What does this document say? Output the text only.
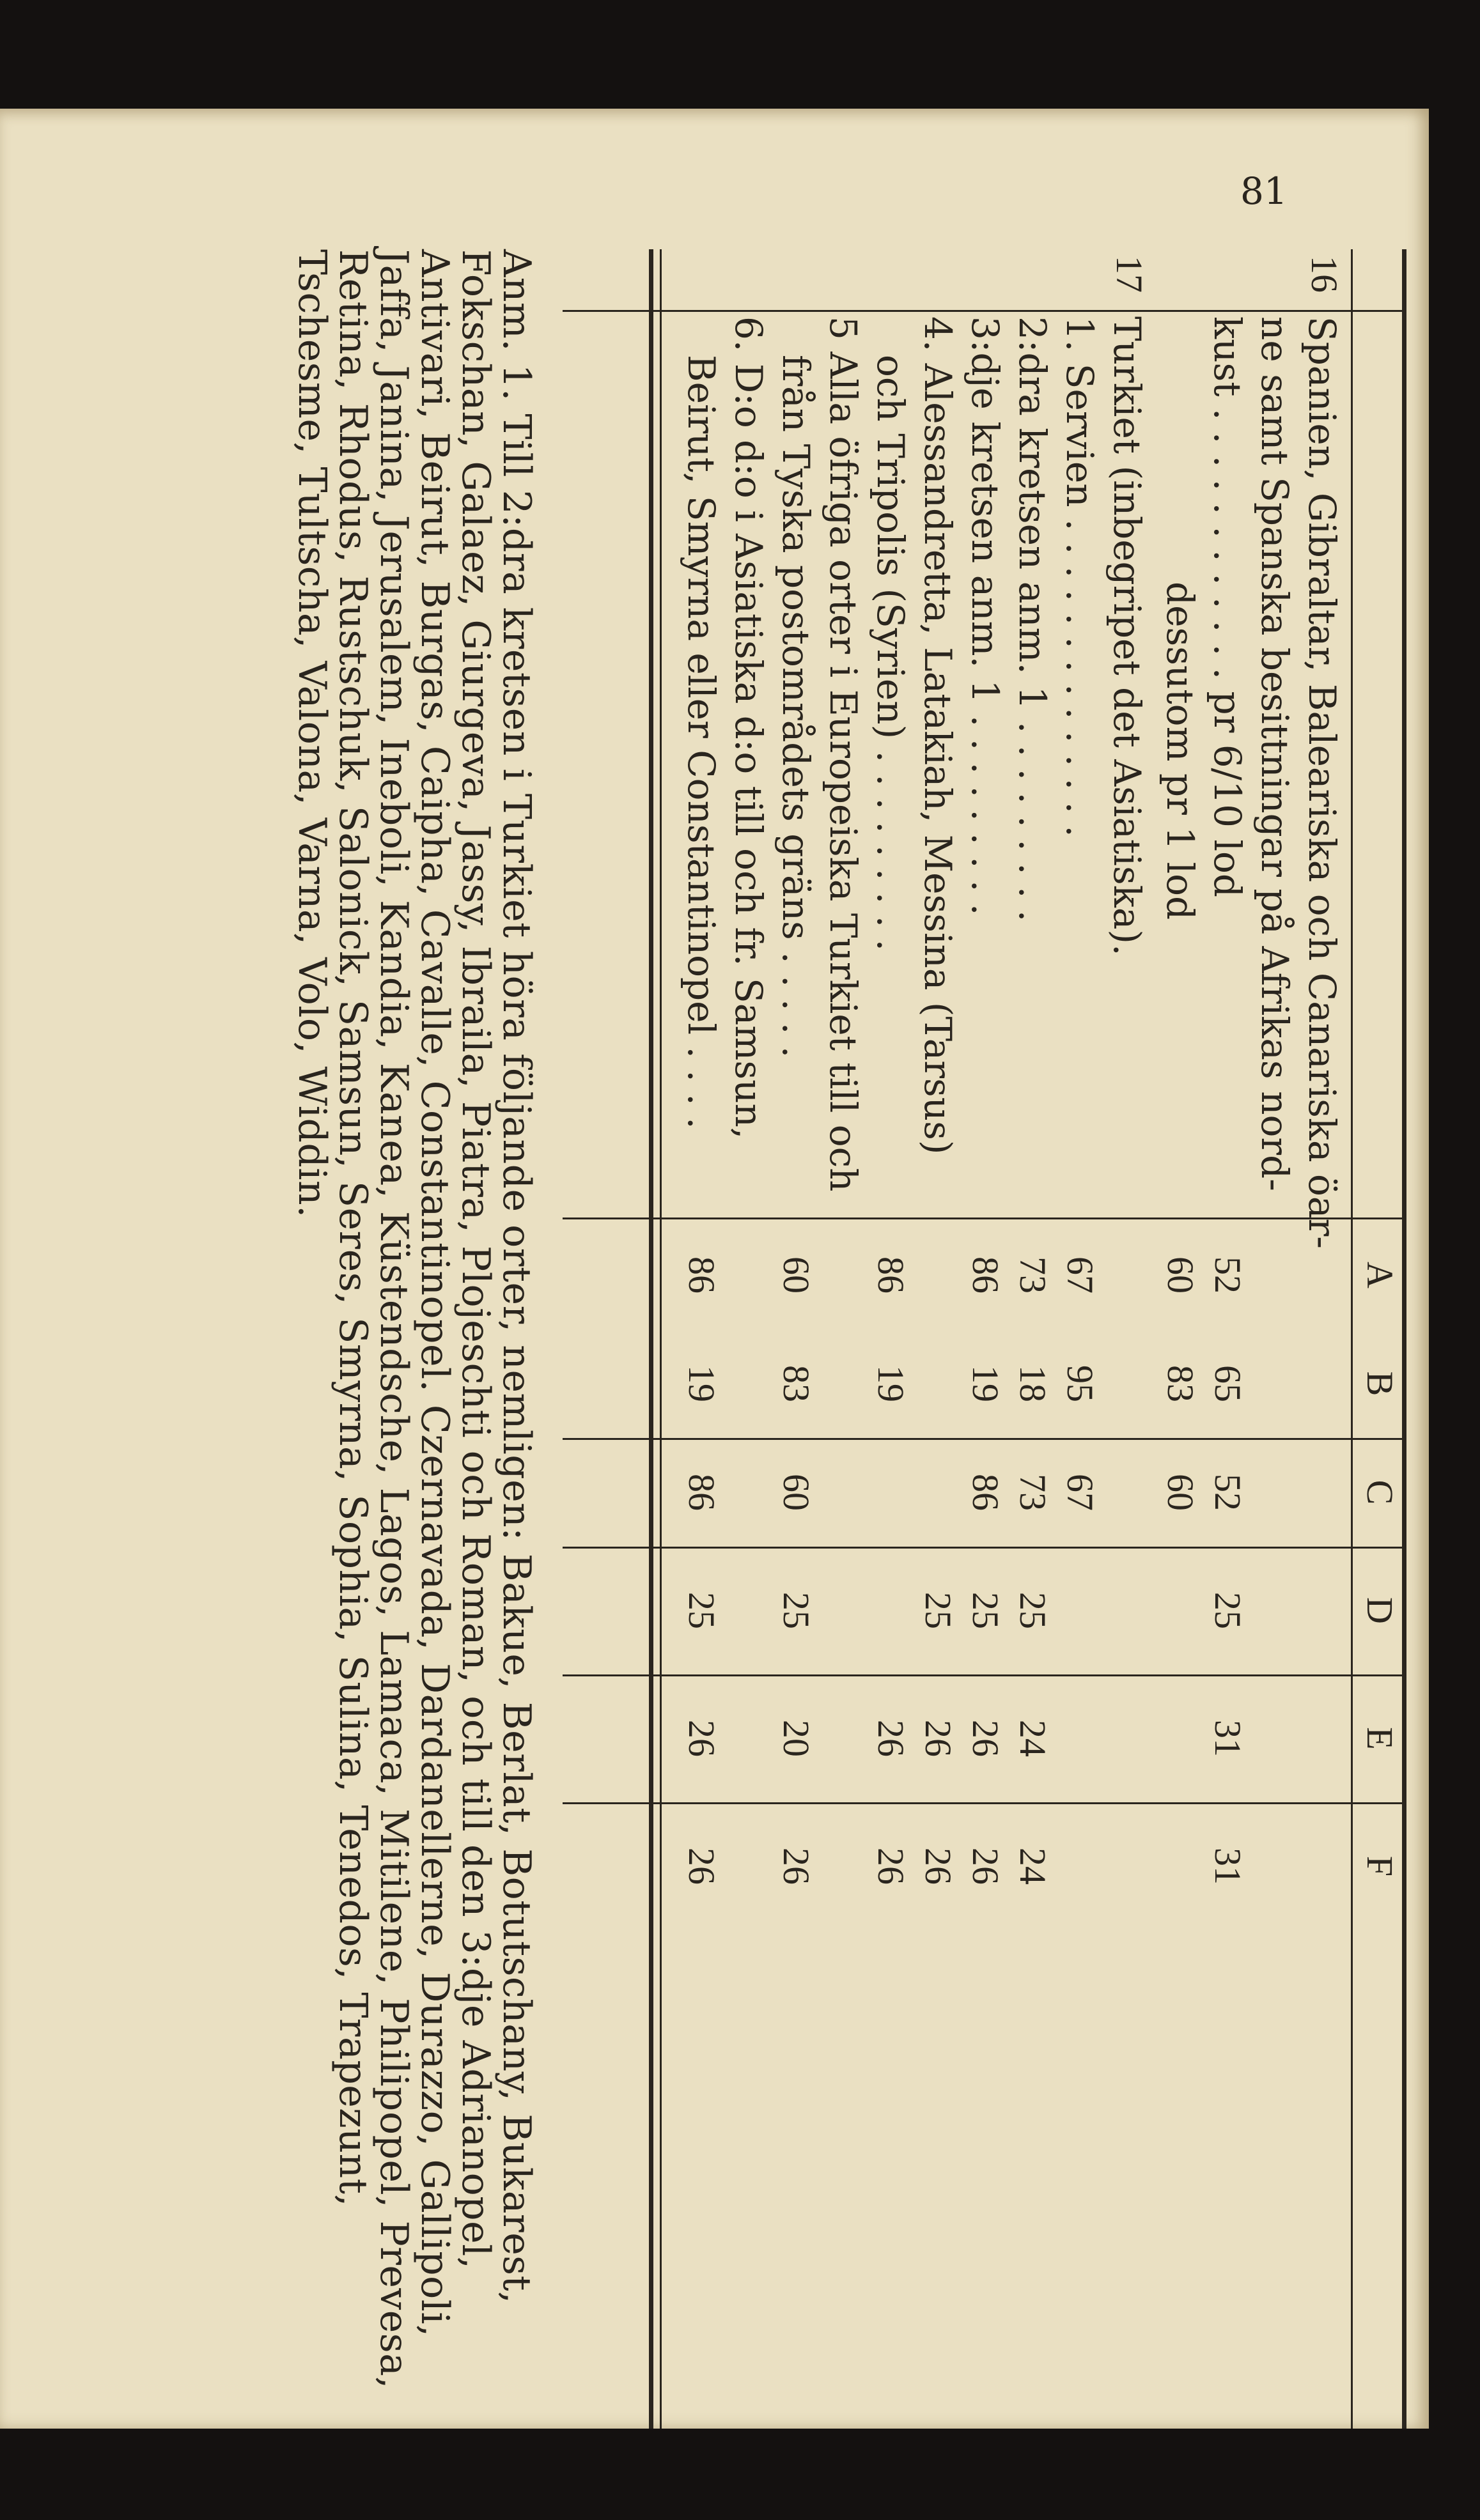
81
A
B
C
D
E
F
16
Spanien, Gibraltar, Baleariska och Canariska öar-
ne samt Spanska besittningar på Afrikas nord-
kust . . . . . . . . . . . . pr 6/10 lod
dessutom pr 1 lod
52
65
52
25
31
31
60
83
60
17
Turkiet (inbegripet det Asiatiska).
1. Servien . . . . . . . . . . . . . .
2:dra kretsen anm. 1 . . . . . . . . .
3:dje kretsen anm. 1 . . . . . . . . .
4. Alessandretta, Latakiah, Messina (Tarsus)
och Tripolis (Syrien) . . . . . . . . .
5 Alla öfriga orter i Europeiska Turkiet till och
från Tyska postområdets gräns . . . . .
6. D:o d:o i Asiatiska d:o till och fr. Samsun,
Beirut, Smyrna eller Constantinopel . . . .
67
95
67
73
18
73
25
24
24
86
19
86
25
26
26
25
26
26
86
19
26
26
60
83
60
25
20
26
86
19
86
25
26
26
Anm. 1. Till 2:dra kretsen i Turkiet höra följande orter, nemligen: Bakue, Berlat, Botutschany, Bukarest, Fokschan, Galaez, Giurgeva, Jassy, Ibraila, Piatra, Plojeschti och Roman, och till den 3:dje Adrianopel, Antivari, Beirut, Burgas, Caipha, Cavalle, Constantinopel. Czernavada, Dardanellerne, Durazzo, Gallipoli, Jaffa, Janina, Jerusalem, Ineboli, Kandia, Kanea, Küstendsche, Lagos, Lamaca, Mitilene, Philipopel, Prevesa, Retina, Rhodus, Rustschuk, Salonick, Samsun, Seres, Smyrna, Sophia, Sulina, Tenedos, Trapezunt, Tschesme, Tultscha, Valona, Varna, Volo, Widdin.
